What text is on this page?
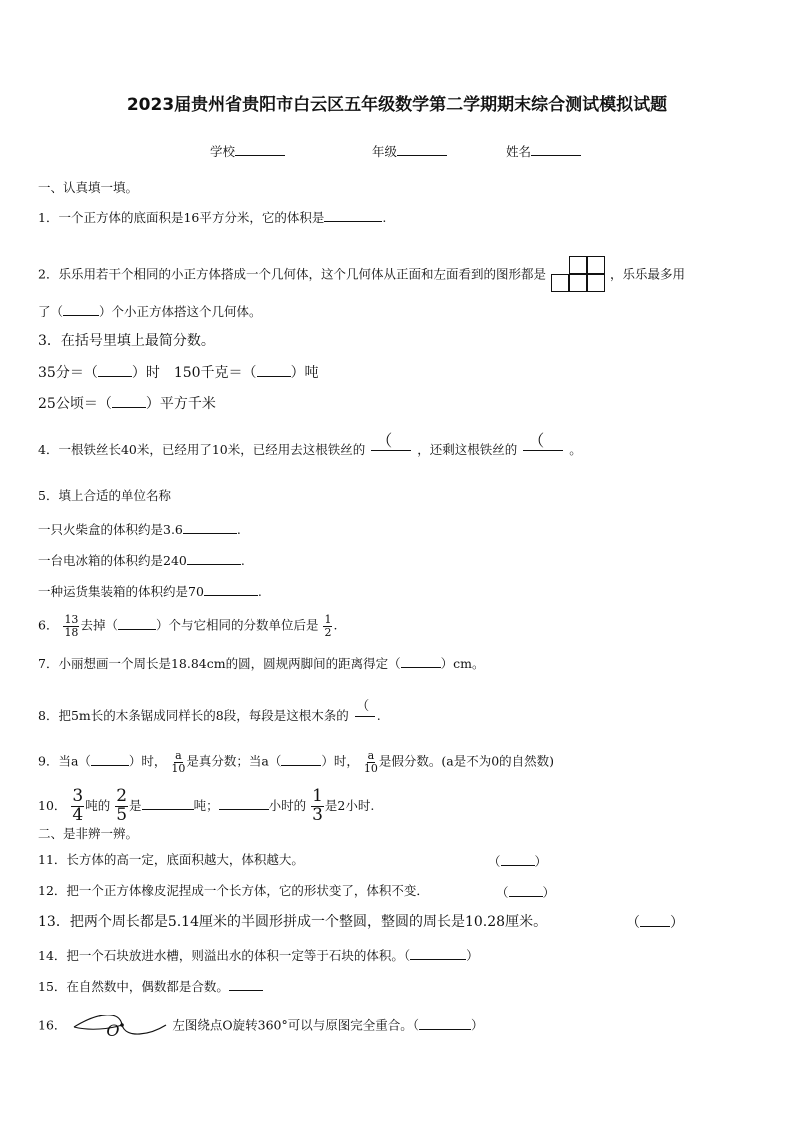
2023届贵州省贵阳市白云区五年级数学第二学期期末综合测试模拟试题
学校	年级	姓名
一、认真填一填。
1．一个正方体的底面积是16平方分米，它的体积是	.
2．乐乐用若干个相同的小正方体搭成一个几何体，这个几何体从正面和左面看到的图形都是	，乐乐最多用
了（	）个小正方体搭这个几何体。
3．在括号里填上最简分数。
35分＝（ ）时　150千克＝（ ）吨
25公顷＝（ ）平方千米
4．一根铁丝长40米，已经用了10米，已经用去这根铁丝的 （ ，还剩这根铁丝的 （ 。
5．填上合适的单位名称
一只火柴盒的体积约是3.6	.
一台电冰箱的体积约是240	.
一种运货集装箱的体积约是70	.
6． $\frac{13}{18}$ 去掉（	）个与它相同的分数单位后是 $\frac{1}{2}$ .
7．小丽想画一个周长是18.84cm的圆，圆规两脚间的距离得定（	）cm。
8．把5m长的木条锯成同样长的8段，每段是这根木条的
（
.
9．当a（	）时， $\frac{a}{10}$ 是真分数；当a（	）时， $\frac{a}{10}$ 是假分数。(a是不为0的自然数)
10． $\frac{3}{4}$ 吨的 $\frac{2}{5}$ 是	吨；	小时的 $\frac{1}{3}$ 是2小时.
二、是非辨一辨。
11．长方体的高一定，底面积越大，体积越大。	（	）
12．把一个正方体橡皮泥捏成一个长方体，它的形状变了，体积不变．	（	）
13．把两个周长都是5.14厘米的半圆形拼成一个整圆，整圆的周长是10.28厘米。	（ ）
14．把一个石块放进水槽，则溢出水的体积一定等于石块的体积。（	）
15．在自然数中，偶数都是合数。
16． O	左图绕点O旋转360°可以与原图完全重合。（	）
